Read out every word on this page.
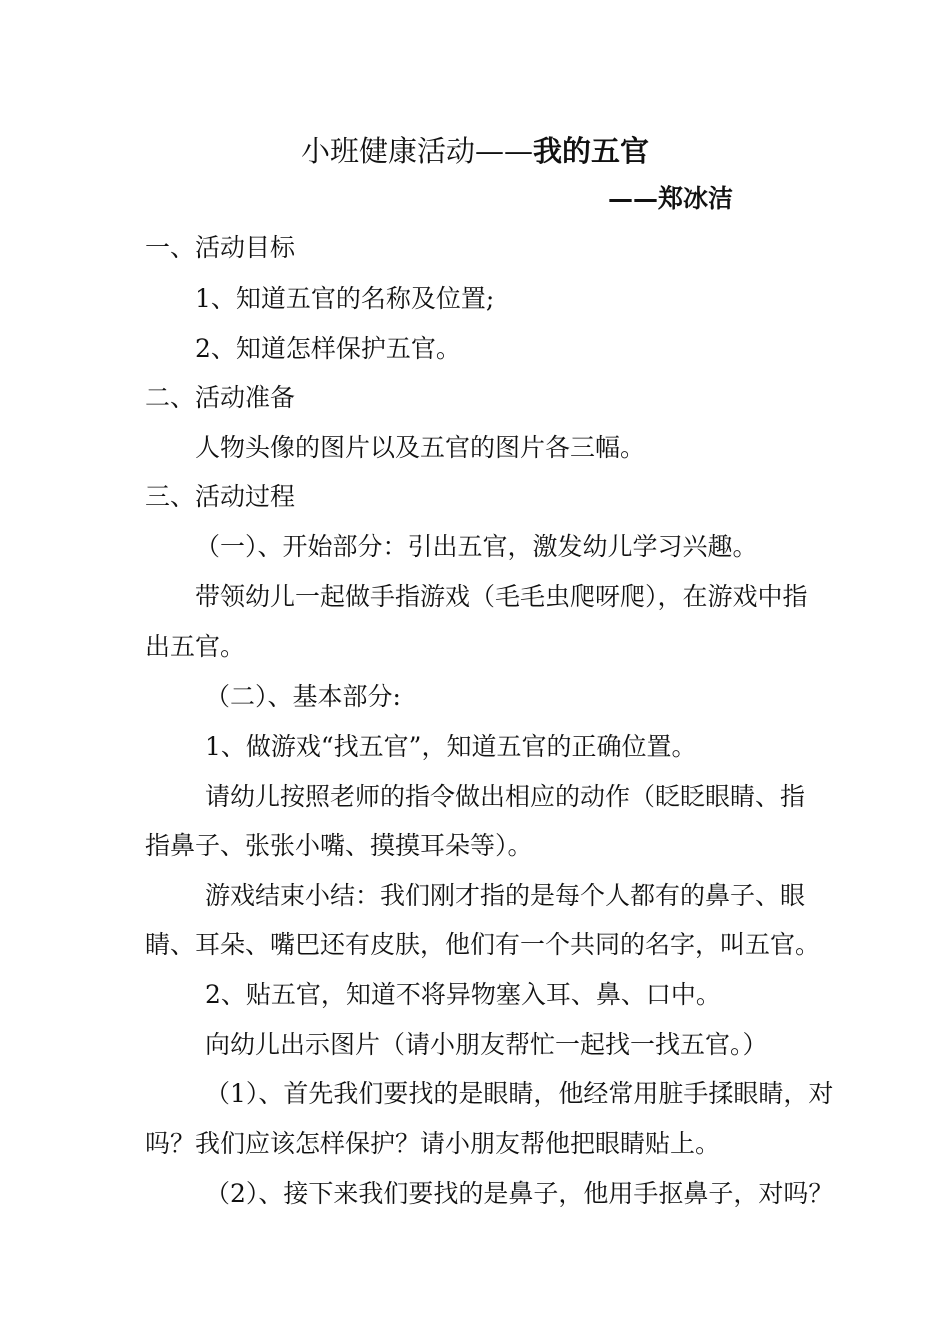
小班健康活动——我的五官
——郑冰洁
一、活动目标
1、知道五官的名称及位置;
2、知道怎样保护五官。
二、活动准备
人物头像的图片以及五官的图片各三幅。
三、活动过程
（一）、开始部分：引出五官，激发幼儿学习兴趣。
带领幼儿一起做手指游戏（毛毛虫爬呀爬），在游戏中指
出五官。
（二）、基本部分:
1、做游戏“找五官”，知道五官的正确位置。
请幼儿按照老师的指令做出相应的动作（眨眨眼睛、指
指鼻子、张张小嘴、摸摸耳朵等）。
游戏结束小结：我们刚才指的是每个人都有的鼻子、眼
睛、耳朵、嘴巴还有皮肤，他们有一个共同的名字，叫五官。
2、贴五官，知道不将异物塞入耳、鼻、口中。
向幼儿出示图片（请小朋友帮忙一起找一找五官。）
（1）、首先我们要找的是眼睛，他经常用脏手揉眼睛，对
吗？我们应该怎样保护？请小朋友帮他把眼睛贴上。
（2）、接下来我们要找的是鼻子，他用手抠鼻子，对吗？
